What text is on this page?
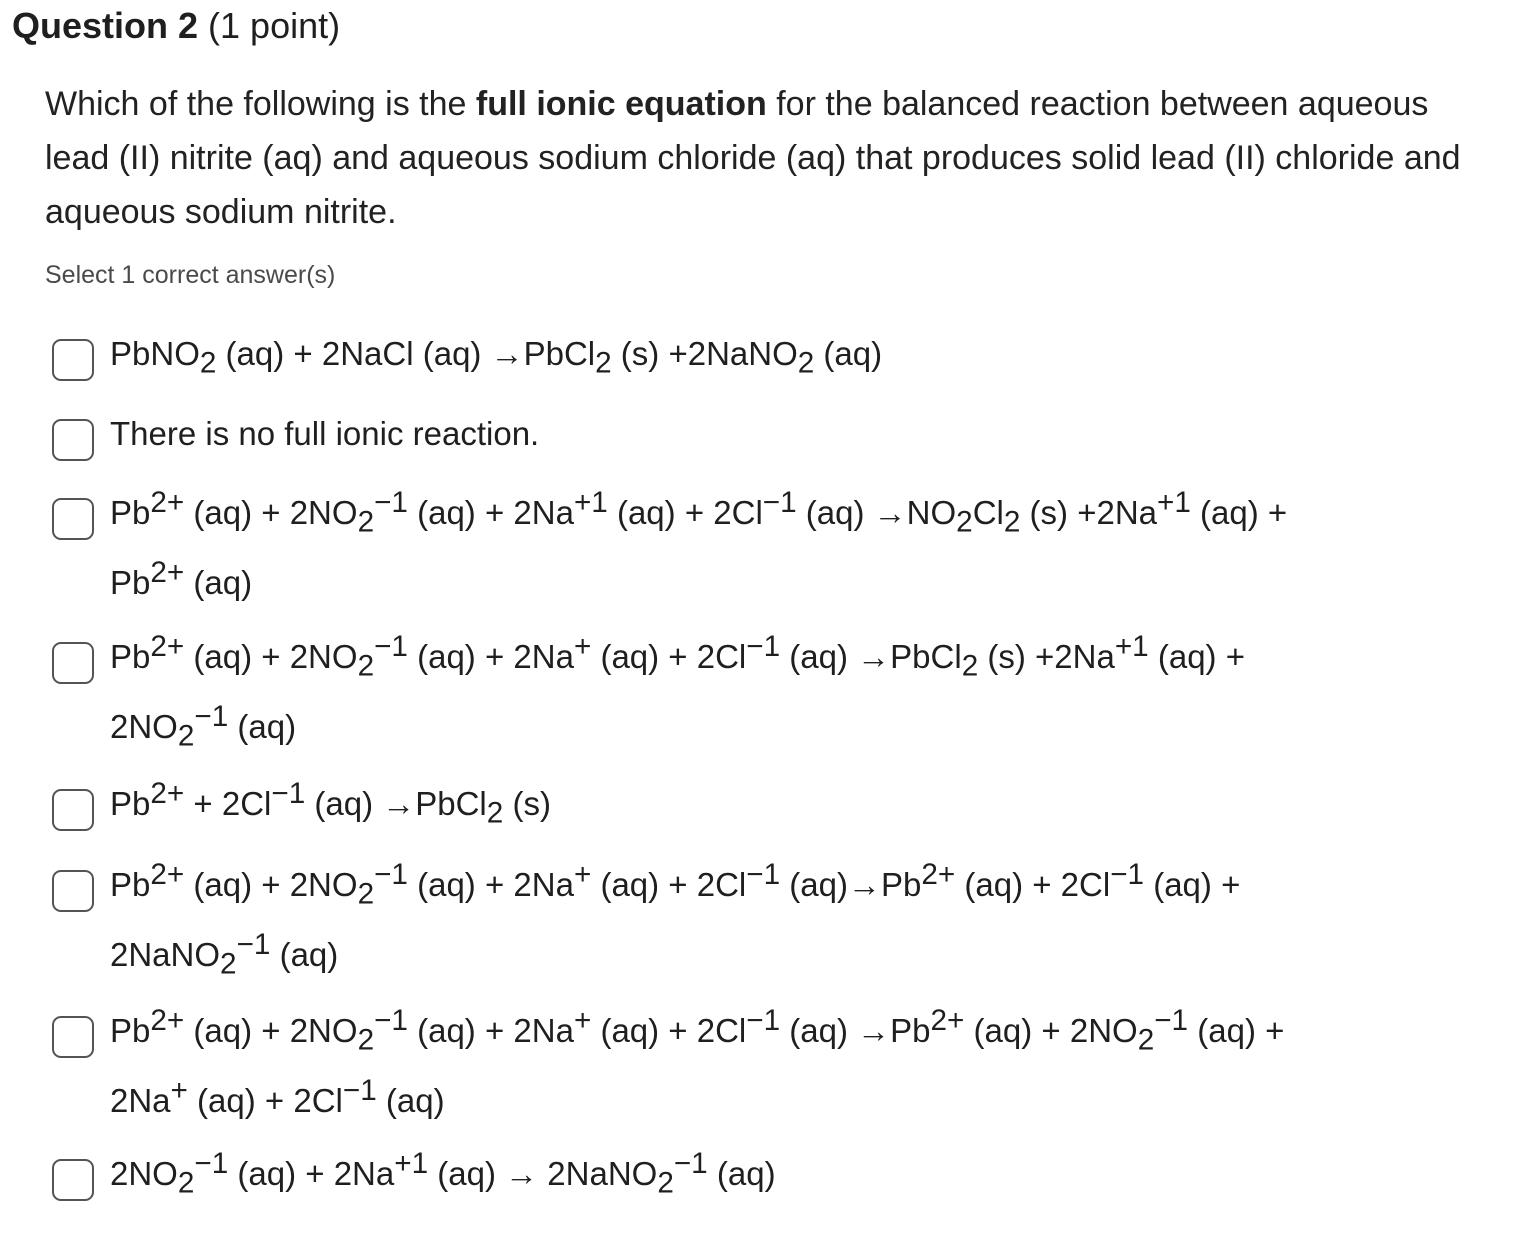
Question 2 (1 point)
Which of the following is the full ionic equation for the balanced reaction between aqueous lead (II) nitrite (aq) and aqueous sodium chloride (aq) that produces solid lead (II) chloride and aqueous sodium nitrite.
Select 1 correct answer(s)
PbNO$_2$ (aq) + 2NaCl (aq) →PbCl$_2$ (s) +2NaNO$_2$ (aq)
There is no full ionic reaction.
$Pb^{2+}$ $(aq) + 2NO_2^{-1}$ $(aq) + 2Na^{+1}$ $(aq) + 2Cl^{-1}$ $(aq) \to NO_2Cl_2$ $(s) +2Na^{+1}$ (aq) +
$Pb^{2+}$ (aq)
$Pb^{2+}$ $(aq) + 2NO_2^{-1}$ (aq) + 2Na+ $(aq) + 2Cl^{-1}$ (aq) →PbCl$_2$ $(s) +2Na^{+1}$ (aq) +
$2NO_2^{-1}$ (aq)
$Pb^{2+} + 2Cl^{-1}$ (aq) →PbCl$_2$ (s)
$Pb^{2+}$ $(aq) + 2NO_2^{-1}$ (aq) + 2Na+ $(aq) + 2Cl^{-1}$ $(aq)\to Pb^{2+}$ $(aq) + 2Cl^{-1}$ (aq) +
2NaNO$_2^{-1}$ (aq)
$Pb^{2+}$ $(aq) + 2NO_2^{-1}$ (aq) + 2Na+ $(aq) + 2Cl^{-1}$ $(aq) \to Pb^{2+}$ $(aq) + 2NO_2^{-1}$ (aq) +
2Na+ $(aq) + 2Cl^{-1}$ (aq)
$2NO_2^{-1}$ $(aq) + 2Na^{+1}$ (aq) → 2NaNO$_2^{-1}$ (aq)
